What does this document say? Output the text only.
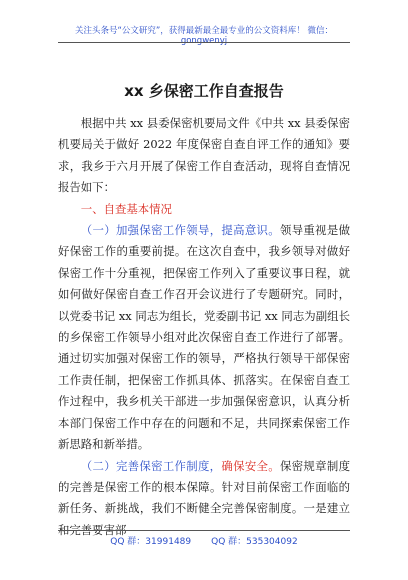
关注头条号“公文研究”，获得最新最全最专业的公文资料库！ 微信：gongwenyj
xx 乡保密工作自查报告

根据中共 xx 县委保密机要局文件《中共 xx 县委保密机要局关于做好 2022 年度保密自查自评工作的通知》要求，我乡于六月开展了保密工作自查活动，现将自查情况报告如下：

一、自查基本情况

（一）加强保密工作领导，提高意识。领导重视是做好保密工作的重要前提。在这次自查中，我乡领导对做好保密工作十分重视，把保密工作列入了重要议事日程，就如何做好保密自查工作召开会议进行了专题研究。同时，以党委书记 xx 同志为组长，党委副书记 xx 同志为副组长的乡保密工作领导小组对此次保密自查工作进行了部署。通过切实加强对保密工作的领导，严格执行领导干部保密工作责任制，把保密工作抓具体、抓落实。在保密自查工作过程中，我乡机关干部进一步加强保密意识，认真分析本部门保密工作中存在的问题和不足，共同探索保密工作新思路和新举措。

（二）完善保密工作制度，确保安全。保密规章制度的完善是保密工作的根本保障。针对目前保密工作面临的新任务、新挑战，我们不断健全完善保密制度。一是建立和完善要害部

QQ 群：31991489 QQ 群：535304092
